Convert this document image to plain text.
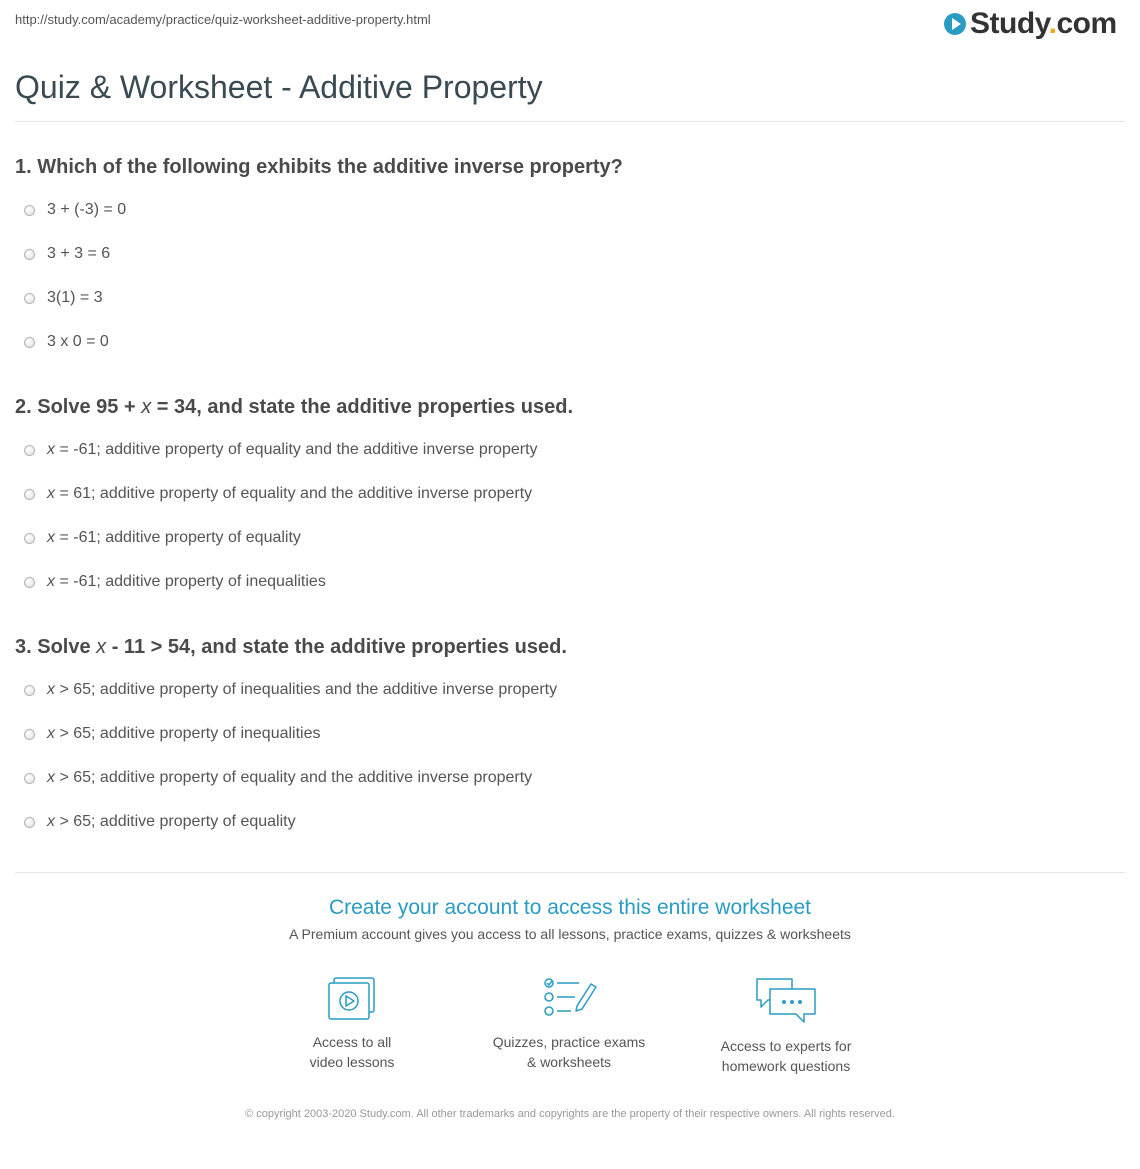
http://study.com/academy/practice/quiz-worksheet-additive-property.html	Study.com
Quiz & Worksheet - Additive Property
1. Which of the following exhibits the additive inverse property?
3 + (-3) = 0
3 + 3 = 6
3(1) = 3
3 x 0 = 0
2. Solve 95 + x = 34, and state the additive properties used.
x = -61; additive property of equality and the additive inverse property
x = 61; additive property of equality and the additive inverse property
x = -61; additive property of equality
x = -61; additive property of inequalities
3. Solve x - 11 > 54, and state the additive properties used.
x > 65; additive property of inequalities and the additive inverse property
x > 65; additive property of inequalities
x > 65; additive property of equality and the additive inverse property
x > 65; additive property of equality
Create your account to access this entire worksheet
A Premium account gives you access to all lessons, practice exams, quizzes & worksheets
Access to all
video lessons
Quizzes, practice exams
& worksheets
Access to experts for
homework questions
© copyright 2003-2020 Study.com. All other trademarks and copyrights are the property of their respective owners. All rights reserved.
